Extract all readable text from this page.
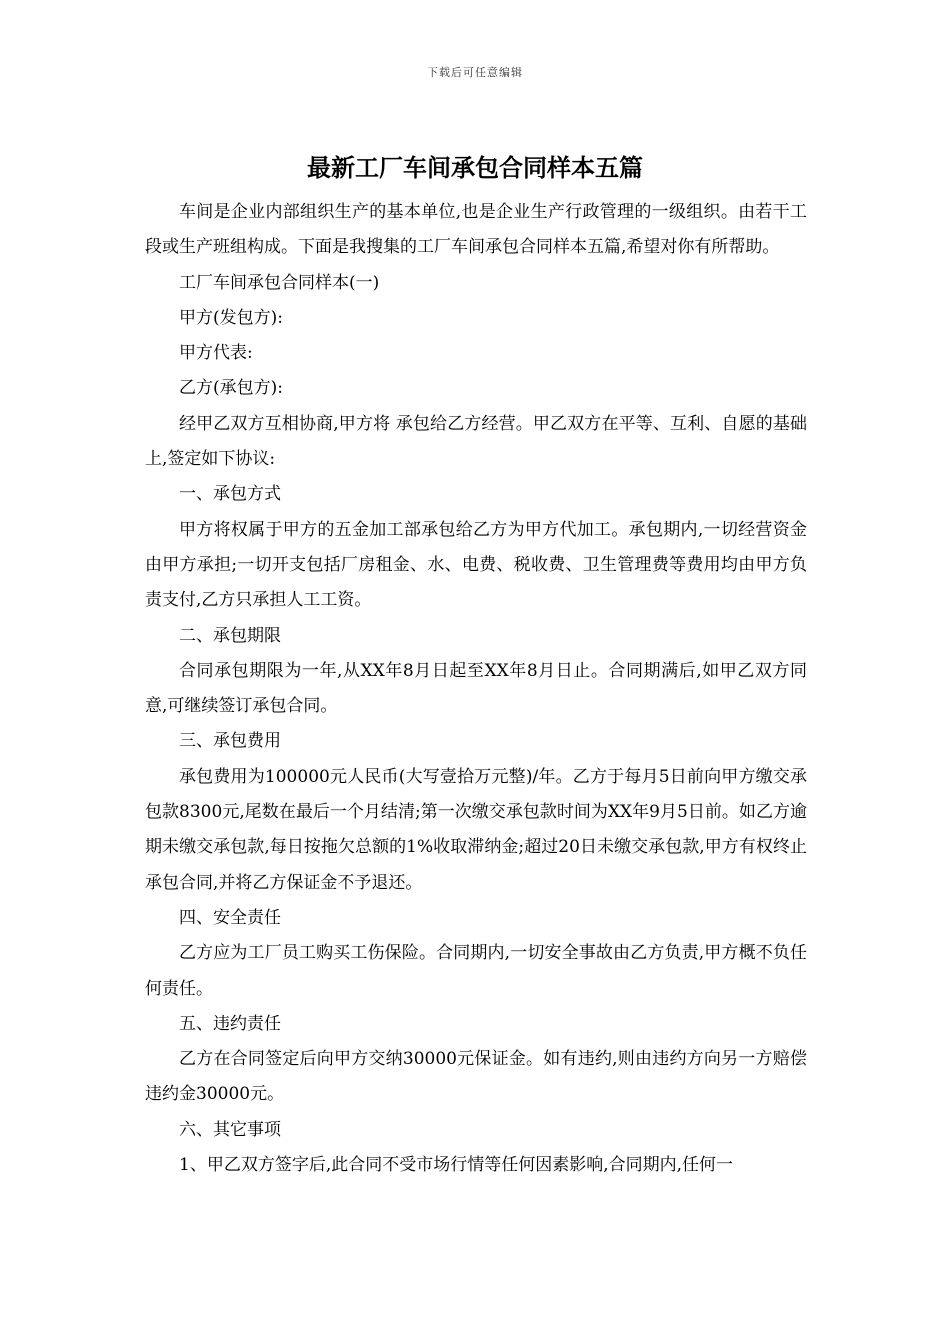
下载后可任意编辑
最新工厂车间承包合同样本五篇

车间是企业内部组织生产的基本单位,也是企业生产行政管理的一级组织。由若干工段或生产班组构成。下面是我搜集的工厂车间承包合同样本五篇,希望对你有所帮助。

工厂车间承包合同样本(一)

甲方(发包方):

甲方代表:

乙方(承包方):

经甲乙双方互相协商,甲方将 承包给乙方经营。甲乙双方在平等、互利、自愿的基础上,签定如下协议:

一、承包方式

甲方将权属于甲方的五金加工部承包给乙方为甲方代加工。承包期内,一切经营资金由甲方承担;一切开支包括厂房租金、水、电费、税收费、卫生管理费等费用均由甲方负责支付,乙方只承担人工工资。

二、承包期限

合同承包期限为一年,从XX年8月日起至XX年8月日止。合同期满后,如甲乙双方同意,可继续签订承包合同。

三、承包费用

承包费用为100000元人民币(大写壹拾万元整)/年。乙方于每月5日前向甲方缴交承包款8300元,尾数在最后一个月结清;第一次缴交承包款时间为XX年9月5日前。如乙方逾期未缴交承包款,每日按拖欠总额的1%收取滞纳金;超过20日未缴交承包款,甲方有权终止承包合同,并将乙方保证金不予退还。

四、安全责任

乙方应为工厂员工购买工伤保险。合同期内,一切安全事故由乙方负责,甲方概不负任何责任。

五、违约责任

乙方在合同签定后向甲方交纳30000元保证金。如有违约,则由违约方向另一方赔偿违约金30000元。

六、其它事项

1、甲乙双方签字后,此合同不受市场行情等任何因素影响,合同期内,任何一
